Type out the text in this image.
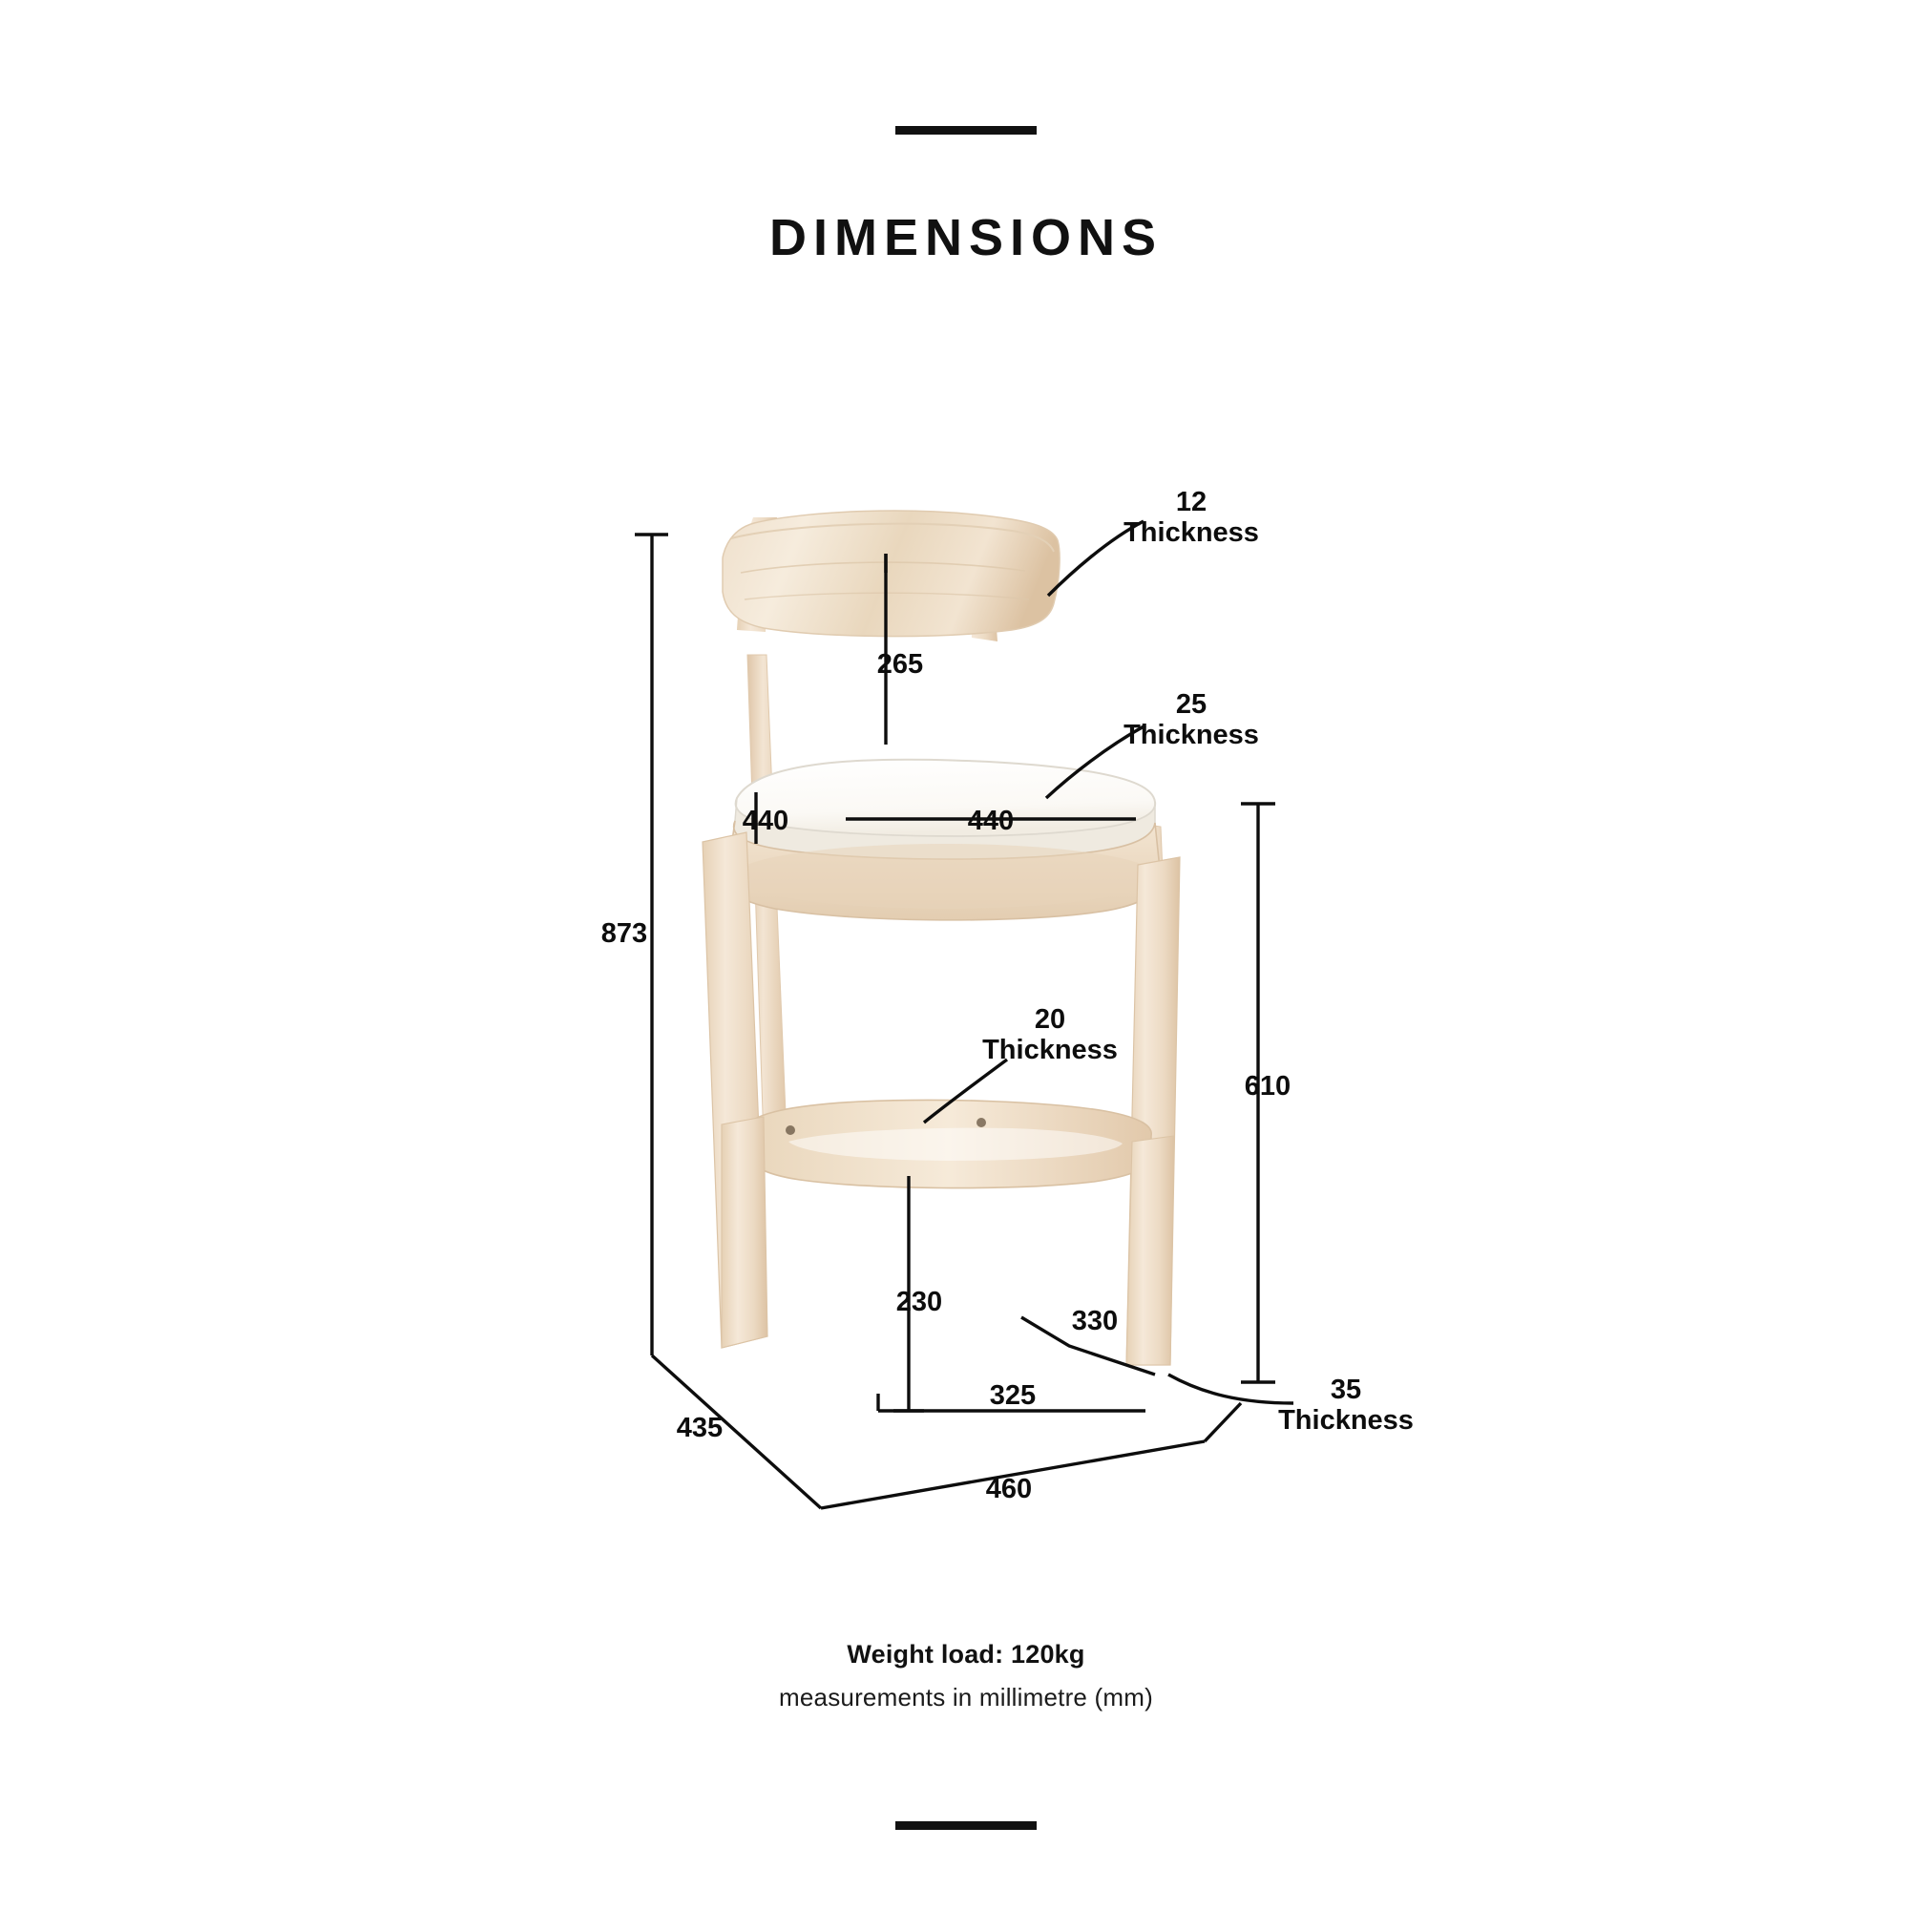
DIMENSIONS
12
Thickness
265
25
Thickness
440	440
873
610
20
Thickness
230
330
325	35
Thickness
435
460
Weight load: 120kg
measurements in millimetre (mm)
